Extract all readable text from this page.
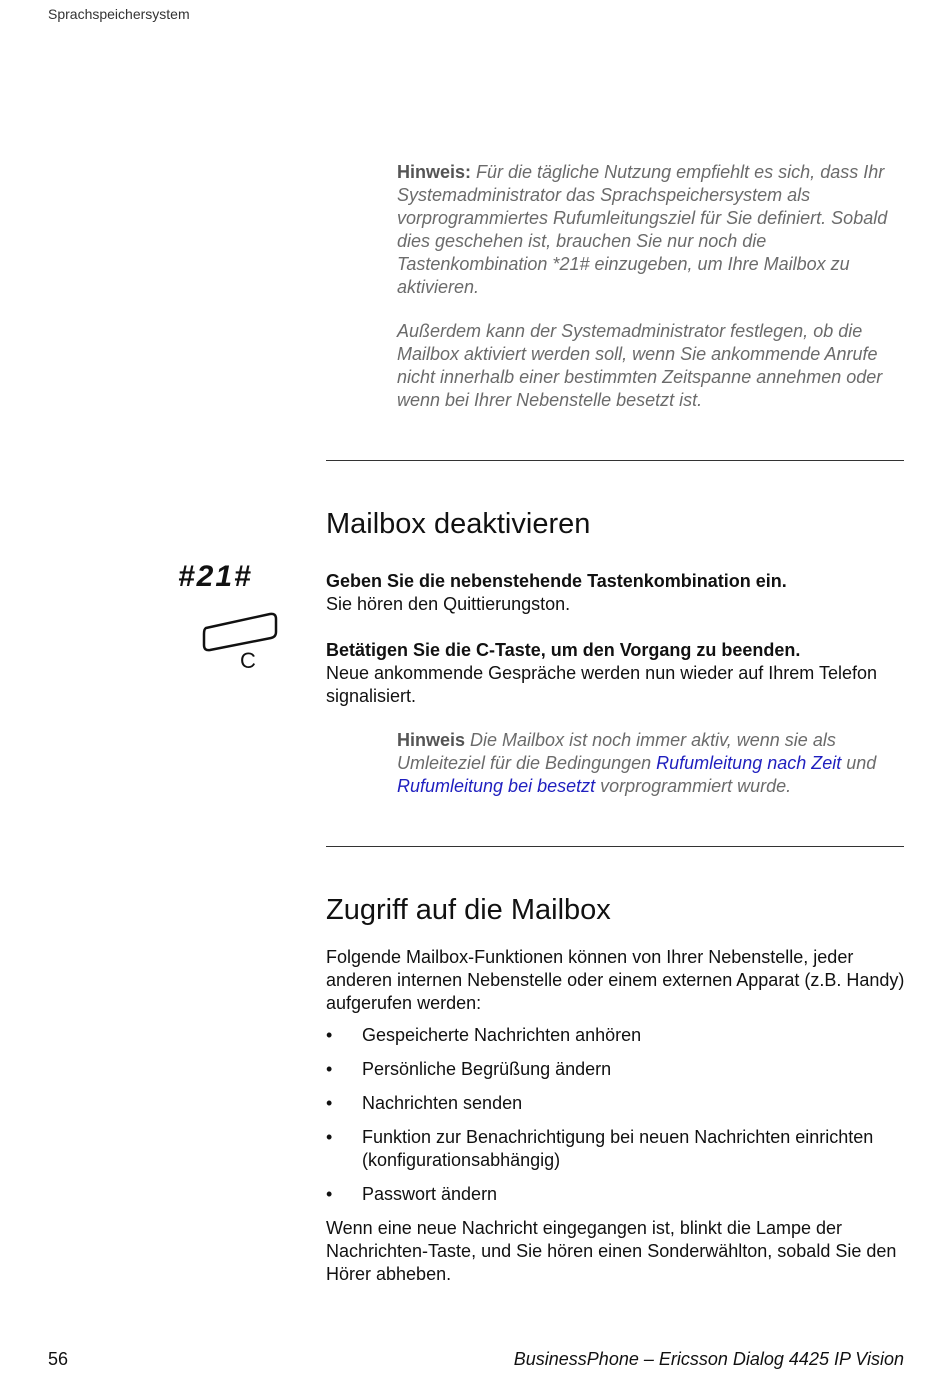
Sprachspeichersystem

Hinweis: Für die tägliche Nutzung empfiehlt es sich, dass Ihr Systemadministrator das Sprachspeichersystem als vorprogrammiertes Rufumleitungsziel für Sie definiert. Sobald dies geschehen ist, brauchen Sie nur noch die Tastenkombination *21# einzugeben, um Ihre Mailbox zu aktivieren.

Außerdem kann der Systemadministrator festlegen, ob die Mailbox aktiviert werden soll, wenn Sie ankommende Anrufe nicht innerhalb einer bestimmten Zeitspanne annehmen oder wenn bei Ihrer Nebenstelle besetzt ist.

Mailbox deaktivieren
#21#
C

Geben Sie die nebenstehende Tastenkombination ein.
Sie hören den Quittierungston.

Betätigen Sie die C-Taste, um den Vorgang zu beenden.
Neue ankommende Gespräche werden nun wieder auf Ihrem Telefon signalisiert.

Hinweis Die Mailbox ist noch immer aktiv, wenn sie als Umleiteziel für die Bedingungen Rufumleitung nach Zeit und Rufumleitung bei besetzt vorprogrammiert wurde.

Zugriff auf die Mailbox

Folgende Mailbox-Funktionen können von Ihrer Nebenstelle, jeder anderen internen Nebenstelle oder einem externen Apparat (z.B. Handy) aufgerufen werden:

• Gespeicherte Nachrichten anhören
• Persönliche Begrüßung ändern
• Nachrichten senden
• Funktion zur Benachrichtigung bei neuen Nachrichten einrichten (konfigurationsabhängig)
• Passwort ändern

Wenn eine neue Nachricht eingegangen ist, blinkt die Lampe der Nachrichten-Taste, und Sie hören einen Sonderwählton, sobald Sie den Hörer abheben.

56	BusinessPhone – Ericsson Dialog 4425 IP Vision
